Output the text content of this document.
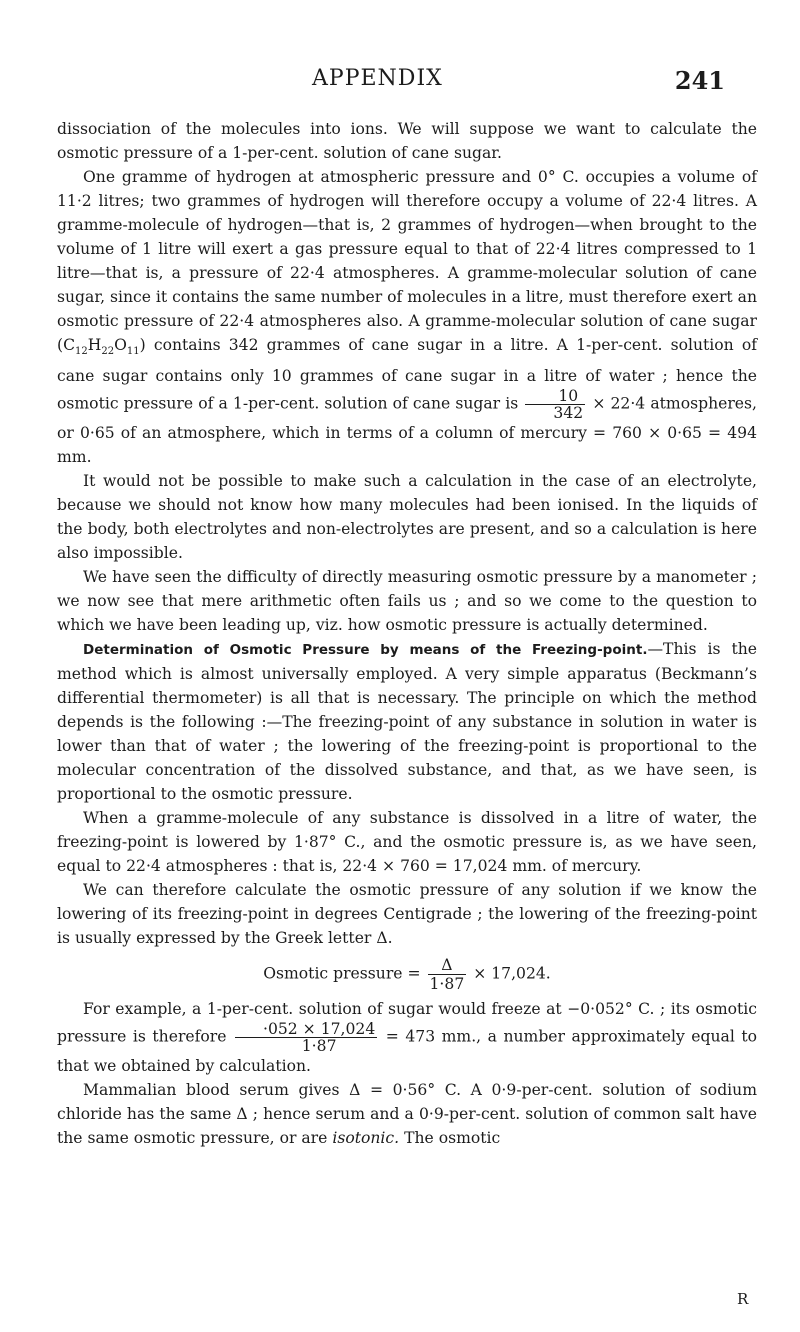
APPENDIX	241

dissociation of the molecules into ions. We will suppose we want to calculate the osmotic pressure of a 1-per-cent. solution of cane sugar.

One gramme of hydrogen at atmospheric pressure and 0° C. occupies a volume of 11·2 litres; two grammes of hydrogen will therefore occupy a volume of 22·4 litres. A gramme-molecule of hydrogen—that is, 2 grammes of hydrogen—when brought to the volume of 1 litre will exert a gas pressure equal to that of 22·4 litres compressed to 1 litre—that is, a pressure of 22·4 atmospheres. A gramme-molecular solution of cane sugar, since it contains the same number of molecules in a litre, must therefore exert an osmotic pressure of 22·4 atmospheres also. A gramme-molecular solution of cane sugar $(C_{12}H_{22}O_{11})$ contains 342 grammes of cane sugar in a litre. A 1-per-cent. solution of cane sugar contains only 10 grammes of cane sugar in a litre of water ; hence the osmotic pressure of a 1-per-cent. solution of cane sugar is $\frac{10}{342} \times 22\cdot 4$ atmospheres, or 0·65 of an atmosphere, which in terms of a column of mercury = 760 × 0·65 = 494 mm.

It would not be possible to make such a calculation in the case of an electrolyte, because we should not know how many molecules had been ionised. In the liquids of the body, both electrolytes and non-electrolytes are present, and so a calculation is here also impossible.

We have seen the difficulty of directly measuring osmotic pressure by a manometer ; we now see that mere arithmetic often fails us ; and so we come to the question to which we have been leading up, viz. how osmotic pressure is actually determined.

Determination of Osmotic Pressure by means of the Freezing-point.—This is the method which is almost universally employed. A very simple apparatus (Beckmann’s differential thermometer) is all that is necessary. The principle on which the method depends is the following :—The freezing-point of any substance in solution in water is lower than that of water ; the lowering of the freezing-point is proportional to the molecular concentration of the dissolved substance, and that, as we have seen, is proportional to the osmotic pressure.

When a gramme-molecule of any substance is dissolved in a litre of water, the freezing-point is lowered by 1·87° C., and the osmotic pressure is, as we have seen, equal to 22·4 atmospheres : that is, 22·4 × 760 = 17,024 mm. of mercury.

We can therefore calculate the osmotic pressure of any solution if we know the lowering of its freezing-point in degrees Centigrade ; the lowering of the freezing-point is usually expressed by the Greek letter Δ.

Osmotic pressure = $\frac{\Delta}{1\cdot 87} \times 17,024$.

For example, a 1-per-cent. solution of sugar would freeze at −0·052° C. ; its osmotic pressure is therefore $\frac{\cdot 052 \times 17,024}{1\cdot 87} = 473$ mm., a number approximately equal to that we obtained by calculation.

Mammalian blood serum gives Δ = 0·56° C. A 0·9-per-cent. solution of sodium chloride has the same Δ ; hence serum and a 0·9-per-cent. solution of common salt have the same osmotic pressure, or are isotonic. The osmotic

R
